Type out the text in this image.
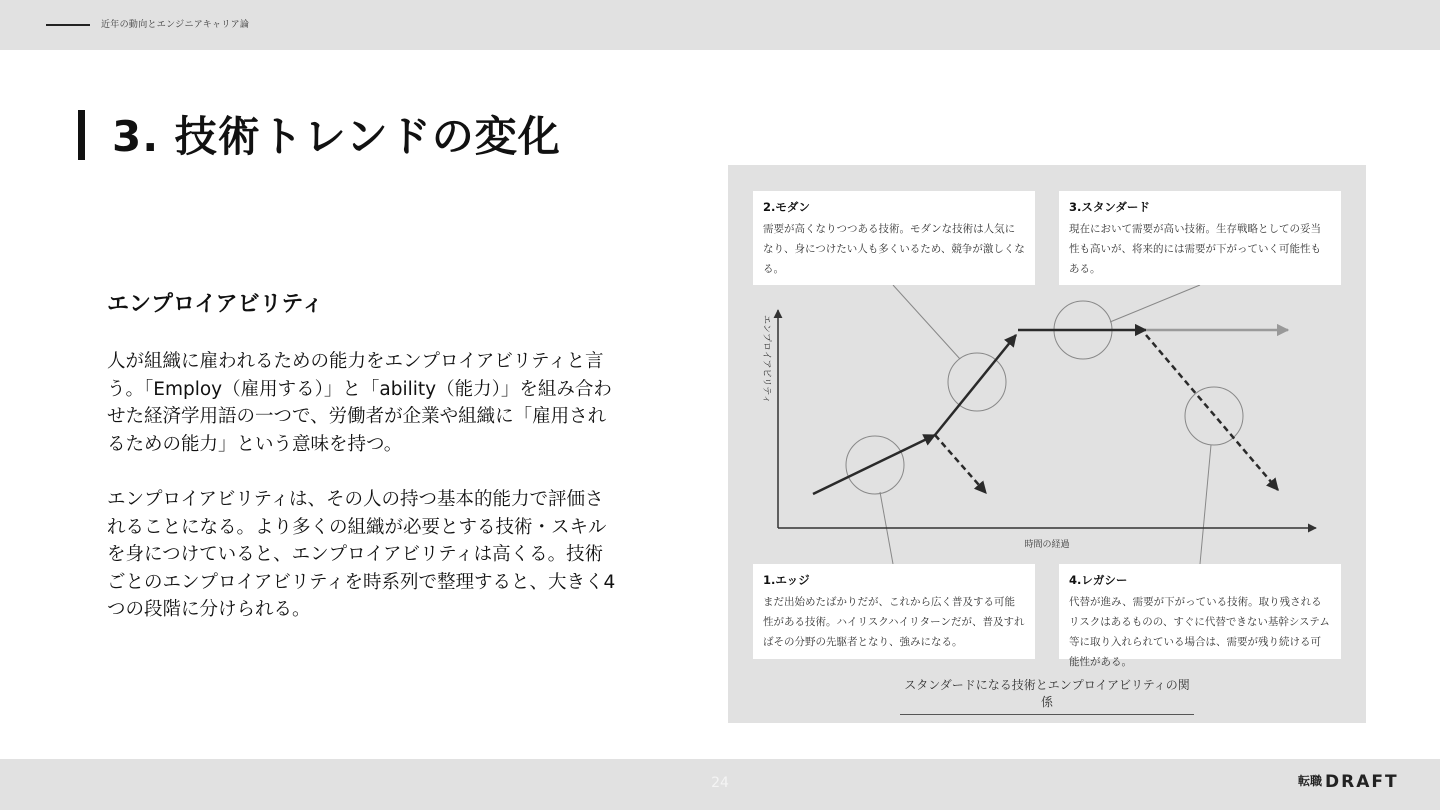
近年の動向とエンジニアキャリア論
3. 技術トレンドの変化
エンプロイアビリティ
人が組織に雇われるための能力をエンプロイアビリティと言う。「Employ（雇用する）」と「ability（能力）」を組み合わせた経済学用語の一つで、労働者が企業や組織に「雇用されるための能力」という意味を持つ。
エンプロイアビリティは、その人の持つ基本的能力で評価されることになる。より多くの組織が必要とする技術・スキルを身につけていると、エンプロイアビリティは高くる。技術ごとのエンプロイアビリティを時系列で整理すると、大きく4つの段階に分けられる。
エンプロイアビリティ
時間の経過
2.モダン
需要が高くなりつつある技術。モダンな技術は人気になり、身につけたい人も多くいるため、競争が激しくなる。
3.スタンダード
現在において需要が高い技術。生存戦略としての妥当性も高いが、将来的には需要が下がっていく可能性もある。
1.エッジ
まだ出始めたばかりだが、これから広く普及する可能性がある技術。ハイリスクハイリターンだが、普及すればその分野の先駆者となり、強みになる。
4.レガシー
代替が進み、需要が下がっている技術。取り残されるリスクはあるものの、すぐに代替できない基幹システム等に取り入れられている場合は、需要が残り続ける可能性がある。
スタンダードになる技術とエンプロイアビリティの関係
24	転職 DRAFT
